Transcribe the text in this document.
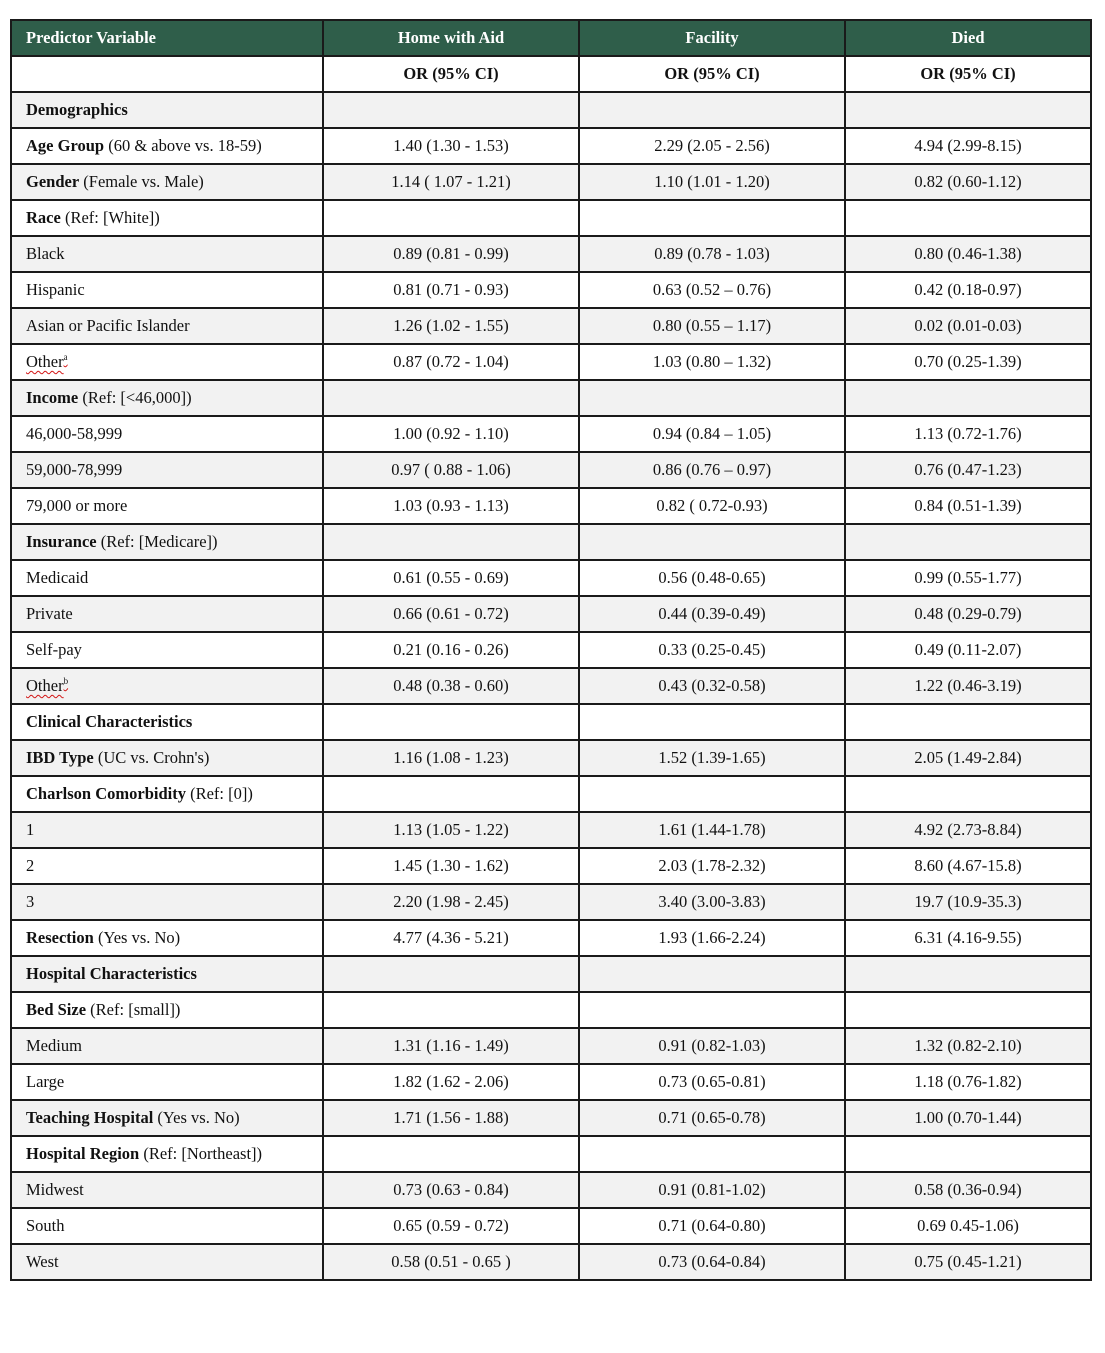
Predictor Variable	Home with Aid	Facility	Died
	OR (95% CI)	OR (95% CI)	OR (95% CI)
Demographics			
Age Group (60 & above vs. 18-59)	1.40 (1.30 - 1.53)	2.29 (2.05 - 2.56)	4.94 (2.99-8.15)
Gender (Female vs. Male)	1.14 ( 1.07 - 1.21)	1.10 (1.01 - 1.20)	0.82 (0.60-1.12)
Race (Ref: [White])			
Black	0.89 (0.81 - 0.99)	0.89 (0.78 - 1.03)	0.80 (0.46-1.38)
Hispanic	0.81 (0.71 - 0.93)	0.63 (0.52 – 0.76)	0.42 (0.18-0.97)
Asian or Pacific Islander	1.26 (1.02 - 1.55)	0.80 (0.55 – 1.17)	0.02 (0.01-0.03)
Other$^a$	0.87 (0.72 - 1.04)	1.03 (0.80 – 1.32)	0.70 (0.25-1.39)
Income (Ref: [<46,000])			
46,000-58,999	1.00 (0.92 - 1.10)	0.94 (0.84 – 1.05)	1.13 (0.72-1.76)
59,000-78,999	0.97 ( 0.88 - 1.06)	0.86 (0.76 – 0.97)	0.76 (0.47-1.23)
79,000 or more	1.03 (0.93 - 1.13)	0.82 ( 0.72-0.93)	0.84 (0.51-1.39)
Insurance (Ref: [Medicare])			
Medicaid	0.61 (0.55 - 0.69)	0.56 (0.48-0.65)	0.99 (0.55-1.77)
Private	0.66 (0.61 - 0.72)	0.44 (0.39-0.49)	0.48 (0.29-0.79)
Self-pay	0.21 (0.16 - 0.26)	0.33 (0.25-0.45)	0.49 (0.11-2.07)
Other$^b$	0.48 (0.38 - 0.60)	0.43 (0.32-0.58)	1.22 (0.46-3.19)
Clinical Characteristics			
IBD Type (UC vs. Crohn's)	1.16 (1.08 - 1.23)	1.52 (1.39-1.65)	2.05 (1.49-2.84)
Charlson Comorbidity (Ref: [0])			
1	1.13 (1.05 - 1.22)	1.61 (1.44-1.78)	4.92 (2.73-8.84)
2	1.45 (1.30 - 1.62)	2.03 (1.78-2.32)	8.60 (4.67-15.8)
3	2.20 (1.98 - 2.45)	3.40 (3.00-3.83)	19.7 (10.9-35.3)
Resection (Yes vs. No)	4.77 (4.36 - 5.21)	1.93 (1.66-2.24)	6.31 (4.16-9.55)
Hospital Characteristics			
Bed Size (Ref: [small])			
Medium	1.31 (1.16 - 1.49)	0.91 (0.82-1.03)	1.32 (0.82-2.10)
Large	1.82 (1.62 - 2.06)	0.73 (0.65-0.81)	1.18 (0.76-1.82)
Teaching Hospital (Yes vs. No)	1.71 (1.56 - 1.88)	0.71 (0.65-0.78)	1.00 (0.70-1.44)
Hospital Region (Ref: [Northeast])			
Midwest	0.73 (0.63 - 0.84)	0.91 (0.81-1.02)	0.58 (0.36-0.94)
South	0.65 (0.59 - 0.72)	0.71 (0.64-0.80)	0.69 0.45-1.06)
West	0.58 (0.51 - 0.65 )	0.73 (0.64-0.84)	0.75 (0.45-1.21)
